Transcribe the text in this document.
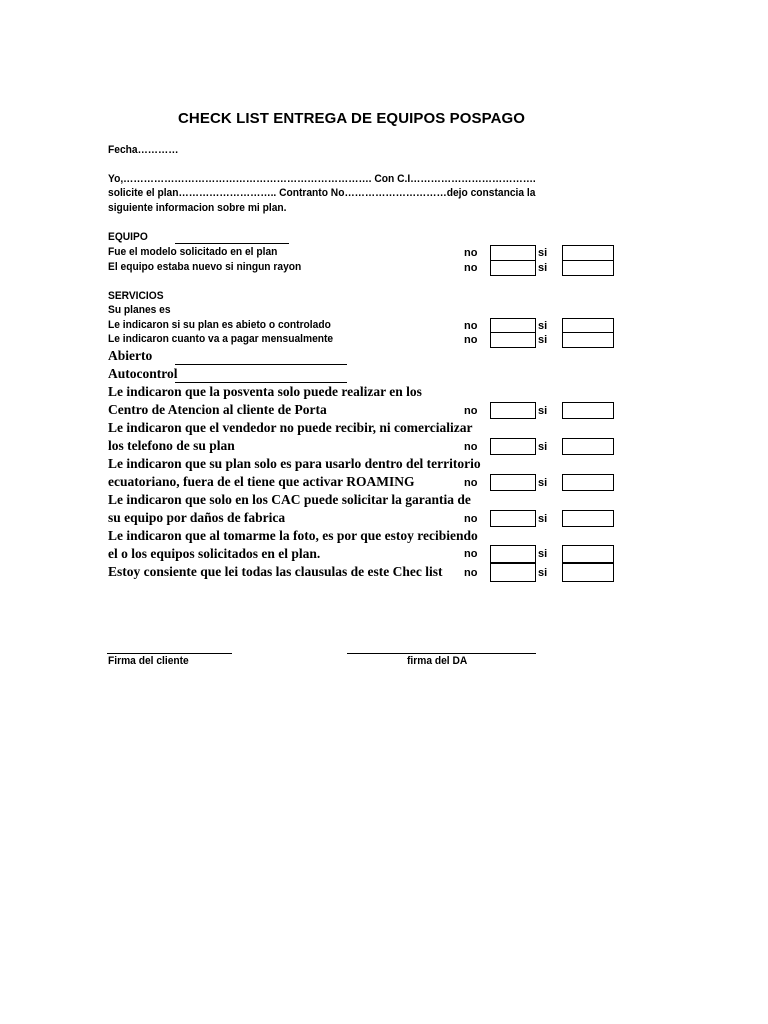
CHECK LIST ENTREGA DE EQUIPOS POSPAGO
Fecha…………
Yo,………………………………………………………………. Con C.I……………………………….
solicite el plan……………………….. Contranto No…………………………dejo constancia la
siguiente informacion sobre mi plan.
EQUIPO
Fue el modelo solicitado en el plan	no	si
El equipo estaba nuevo si ningun rayon	no	si
SERVICIOS
Su planes es
Le indicaron si su plan es abieto o controlado	no	si
Le indicaron cuanto va a pagar mensualmente	no	si
Abierto
Autocontrol
Le indicaron que la posventa solo puede realizar en los
Centro de Atencion al cliente de Porta	no	si
Le indicaron que el vendedor no puede recibir, ni comercializar
los telefono de su plan	no	si
Le indicaron que su plan solo es para usarlo dentro del territorio
ecuatoriano, fuera de el tiene que activar ROAMING	no	si
Le indicaron que solo en los CAC puede solicitar la garantia de
su equipo por daños de fabrica	no	si
Le indicaron que al tomarme la foto, es por que estoy recibiendo
el o los equipos solicitados en el plan.	no	si
Estoy consiente que lei todas las clausulas de este Chec list no	si
Firma del cliente	firma del DA
